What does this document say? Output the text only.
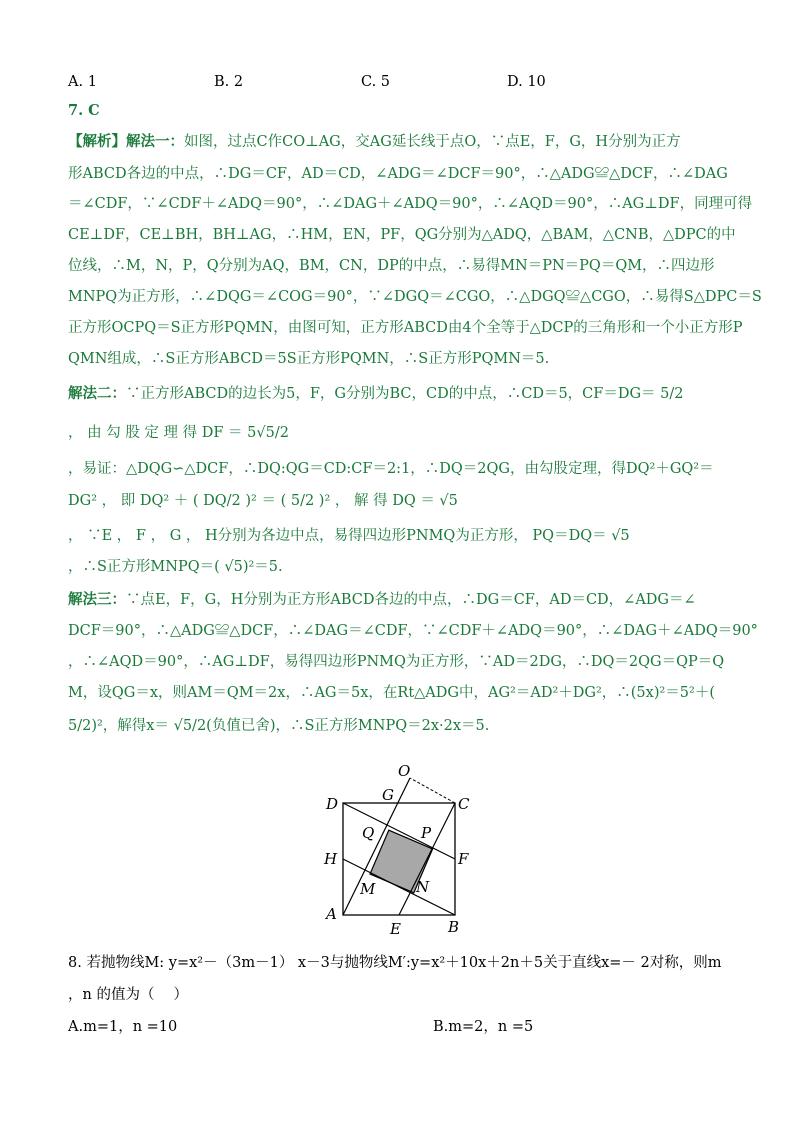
A. 1	B. 2	C. 5	D. 10
7. C
【解析】解法一：如图，过点C作CO⊥AG，交AG延长线于点O，∵点E，F，G，H分别为正方
形ABCD各边的中点，∴DG＝CF，AD＝CD，∠ADG＝∠DCF＝90°，∴△ADG≌△DCF，∴∠DAG
＝∠CDF，∵∠CDF＋∠ADQ＝90°，∴∠DAG＋∠ADQ＝90°，∴∠AQD＝90°，∴AG⊥DF，同理可得
CE⊥DF，CE⊥BH，BH⊥AG，∴HM，EN，PF，QG分别为△ADQ，△BAM，△CNB，△DPC的中
位线，∴M，N，P，Q分别为AQ，BM，CN，DP的中点，∴易得MN＝PN＝PQ＝QM，∴四边形
MNPQ为正方形，∴∠DQG＝∠COG＝90°，∵∠DGQ＝∠CGO，∴△DGQ≌△CGO，∴易得S△DPC＝S
正方形OCPQ＝S正方形PQMN，由图可知，正方形ABCD由4个全等于△DCP的三角形和一个小正方形P
QMN组成，∴S正方形ABCD＝5S正方形PQMN，∴S正方形PQMN＝5.
解法二：∵正方形ABCD的边长为5，F，G分别为BC，CD的中点，∴CD＝5，CF＝DG＝ 5/2
， 由 勾 股 定 理 得 DF ＝ 5√5/2
，易证：△DQG∽△DCF，∴DQ:QG＝CD:CF＝2:1，∴DQ＝2QG，由勾股定理，得DQ²＋GQ²＝
DG² ， 即 DQ² ＋ ( DQ/2 )² ＝ ( 5/2 )² ， 解 得 DQ ＝ √5
， ∵E ， F ， G ， H分别为各边中点，易得四边形PNMQ为正方形， PQ＝DQ＝ √5
，∴S正方形MNPQ＝( √5)²＝5.
解法三：∵点E，F，G，H分别为正方形ABCD各边的中点，∴DG＝CF，AD＝CD，∠ADG＝∠
DCF＝90°，∴△ADG≌△DCF，∴∠DAG＝∠CDF，∵∠CDF＋∠ADQ＝90°，∴∠DAG＋∠ADQ＝90°
，∴∠AQD＝90°，∴AG⊥DF，易得四边形PNMQ为正方形，∵AD＝2DG，∴DQ＝2QG＝QP＝Q
M，设QG＝x，则AM＝QM＝2x，∴AG＝5x，在Rt△ADG中，AG²＝AD²＋DG²，∴(5x)²＝5²＋(
5/2)²，解得x＝ √5/2(负值已舍)，∴S正方形MNPQ＝2x·2x＝5.
O
D	G	C
Q	P
H	F
M	N
A
E	B
8. 若抛物线M: y=x²－（3m－1） x－3与抛物线M′:y=x²＋10x＋2n＋5关于直线x=－ 2对称，则m
，n 的值为（　 ）
A.m=1，n =10	B.m=2，n =5
